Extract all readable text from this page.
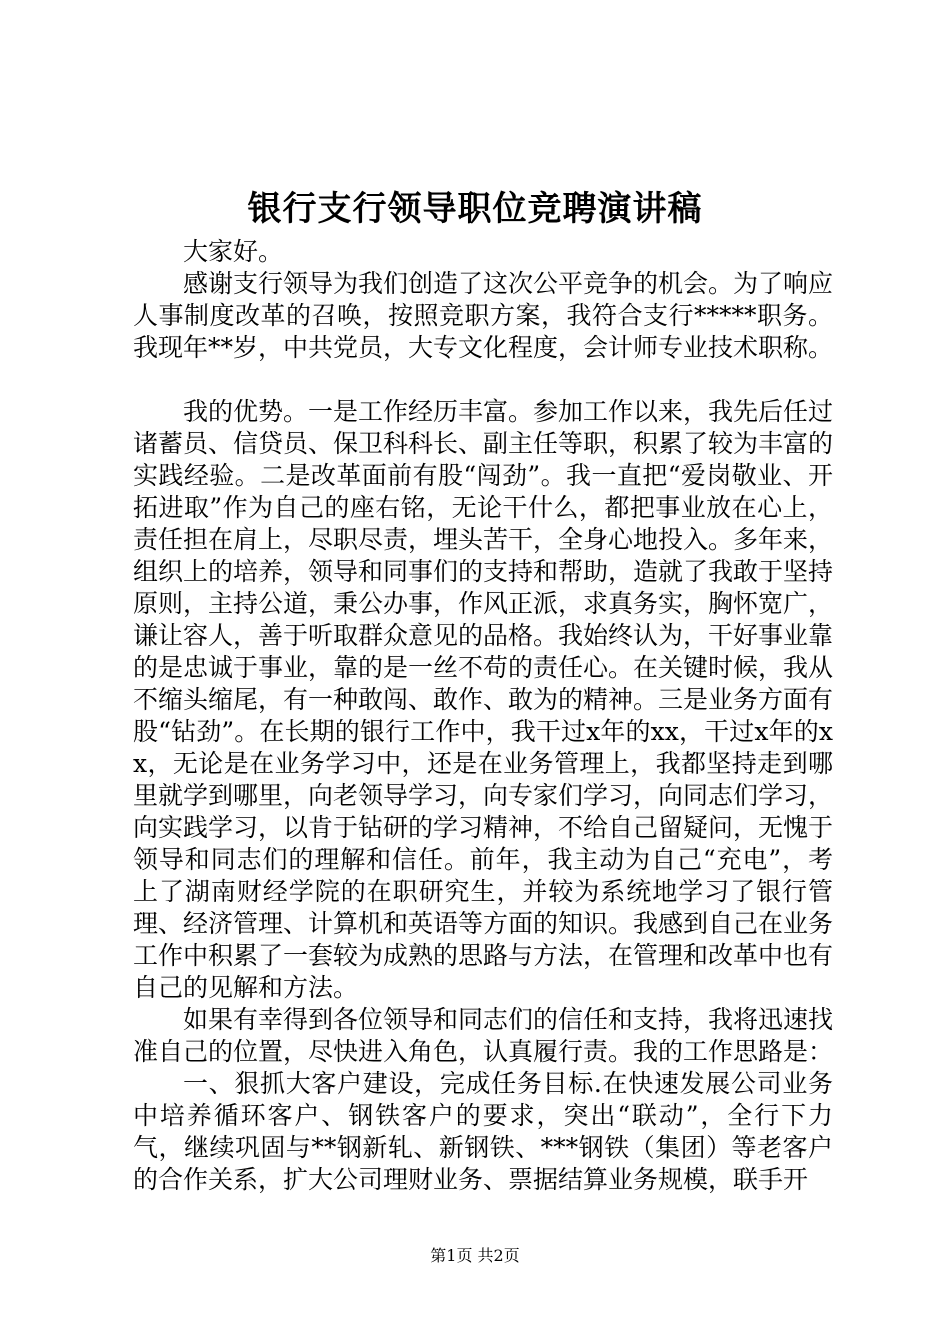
银行支行领导职位竞聘演讲稿

大家好。

感谢支行领导为我们创造了这次公平竞争的机会。为了响应人事制度改革的召唤，按照竞职方案，我符合支行*****职务。我现年**岁，中共党员，大专文化程度，会计师专业技术职称。

我的优势。一是工作经历丰富。参加工作以来，我先后任过诸蓄员、信贷员、保卫科科长、副主任等职，积累了较为丰富的实践经验。二是改革面前有股“闯劲”。我一直把“爱岗敬业、开拓进取”作为自己的座右铭，无论干什么，都把事业放在心上，责任担在肩上，尽职尽责，埋头苦干，全身心地投入。多年来，组织上的培养，领导和同事们的支持和帮助，造就了我敢于坚持原则，主持公道，秉公办事，作风正派，求真务实，胸怀宽广，谦让容人，善于听取群众意见的品格。我始终认为，干好事业靠的是忠诚于事业，靠的是一丝不苟的责任心。在关键时候，我从不缩头缩尾，有一种敢闯、敢作、敢为的精神。三是业务方面有股“钻劲”。在长期的银行工作中，我干过x年的xx，干过x年的xx，无论是在业务学习中，还是在业务管理上，我都坚持走到哪里就学到哪里，向老领导学习，向专家们学习，向同志们学习，向实践学习，以肯于钻研的学习精神，不给自己留疑问，无愧于领导和同志们的理解和信任。前年，我主动为自己“充电”，考上了湖南财经学院的在职研究生，并较为系统地学习了银行管理、经济管理、计算机和英语等方面的知识。我感到自己在业务工作中积累了一套较为成熟的思路与方法，在管理和改革中也有自己的见解和方法。

如果有幸得到各位领导和同志们的信任和支持，我将迅速找准自己的位置，尽快进入角色，认真履行责。我的工作思路是：

一、狠抓大客户建设，完成任务目标.在快速发展公司业务中培养循环客户、钢铁客户的要求，突出“联动”，全行下力气，继续巩固与**钢新轧、新钢铁、***钢铁（集团）等老客户的合作关系，扩大公司理财业务、票据结算业务规模，联手开

第1页 共2页
